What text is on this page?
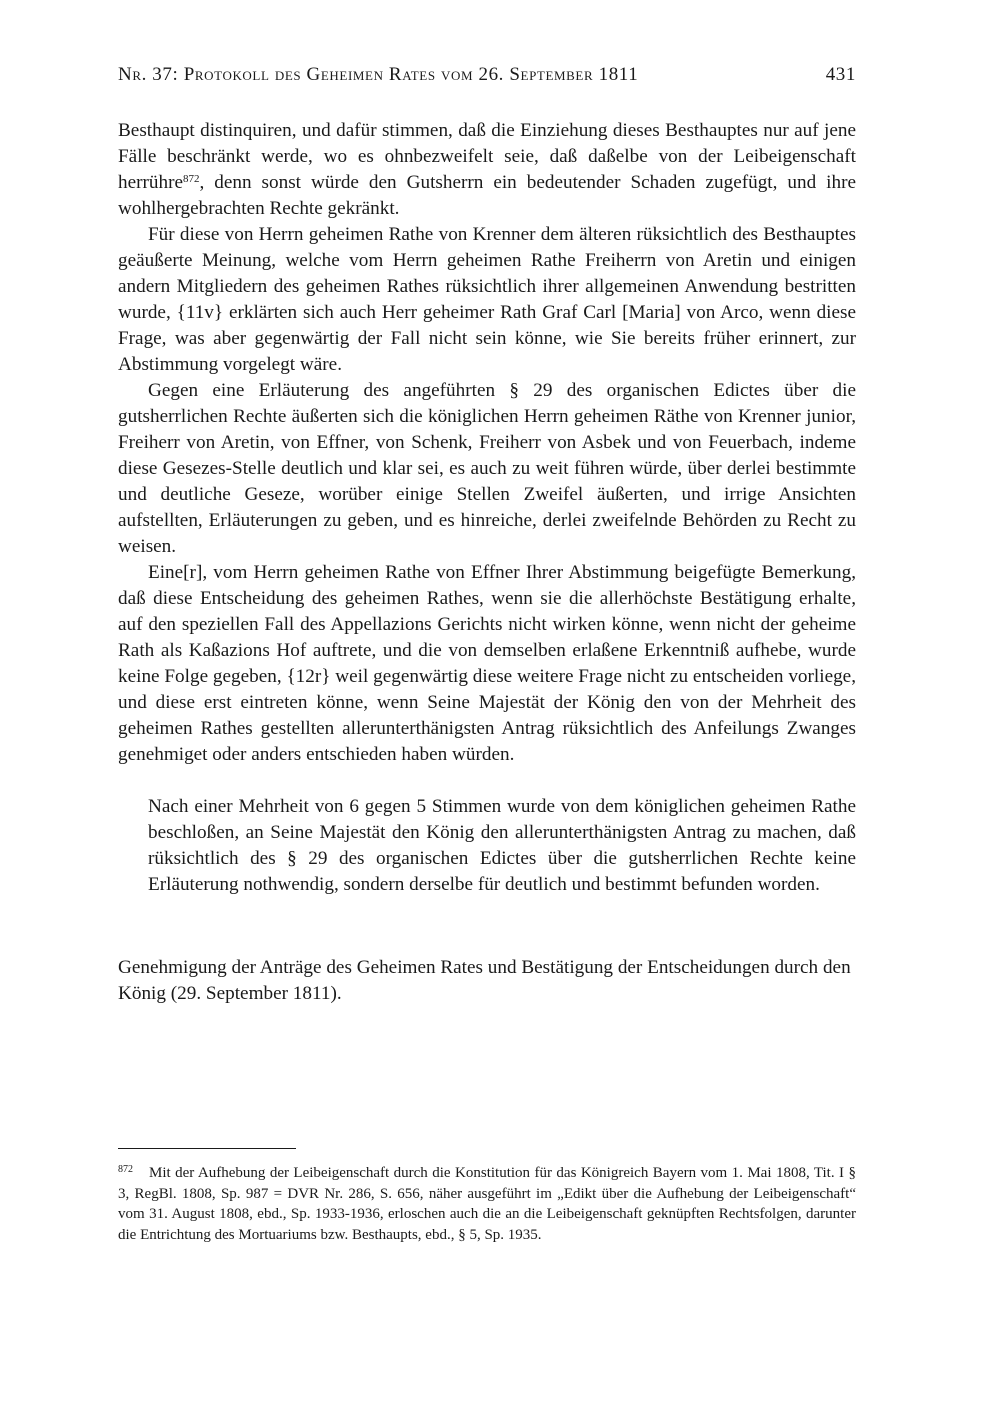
Nr. 37: Protokoll des Geheimen Rates vom 26. September 1811	431

Besthaupt distinquiren, und dafür stimmen, daß die Einziehung dieses Besthauptes nur auf jene Fälle beschränkt werde, wo es ohnbezweifelt seie, daß daßelbe von der Leibeigenschaft herrühre$^{872}$, denn sonst würde den Gutsherrn ein bedeutender Schaden zugefügt, und ihre wohlhergebrachten Rechte gekränkt.

Für diese von Herrn geheimen Rathe von Krenner dem älteren rüksichtlich des Besthauptes geäußerte Meinung, welche vom Herrn geheimen Rathe Freiherrn von Aretin und einigen andern Mitgliedern des geheimen Rathes rüksichtlich ihrer allgemeinen Anwendung bestritten wurde, {11v} erklärten sich auch Herr geheimer Rath Graf Carl [Maria] von Arco, wenn diese Frage, was aber gegenwärtig der Fall nicht sein könne, wie Sie bereits früher erinnert, zur Abstimmung vorgelegt wäre.

Gegen eine Erläuterung des angeführten § 29 des organischen Edictes über die gutsherrlichen Rechte äußerten sich die königlichen Herrn geheimen Räthe von Krenner junior, Freiherr von Aretin, von Effner, von Schenk, Freiherr von Asbek und von Feuerbach, indeme diese Gesezes-Stelle deutlich und klar sei, es auch zu weit führen würde, über derlei bestimmte und deutliche Geseze, worüber einige Stellen Zweifel äußerten, und irrige Ansichten aufstellten, Erläuterungen zu geben, und es hinreiche, derlei zweifelnde Behörden zu Recht zu weisen.

Eine[r], vom Herrn geheimen Rathe von Effner Ihrer Abstimmung beigefügte Bemerkung, daß diese Entscheidung des geheimen Rathes, wenn sie die allerhöchste Bestätigung erhalte, auf den speziellen Fall des Appellazions Gerichts nicht wirken könne, wenn nicht der geheime Rath als Kaßazions Hof auftrete, und die von demselben erlaßene Erkenntniß aufhebe, wurde keine Folge gegeben, {12r} weil gegenwärtig diese weitere Frage nicht zu entscheiden vorliege, und diese erst eintreten könne, wenn Seine Majestät der König den von der Mehrheit des geheimen Rathes gestellten allerunterthänigsten Antrag rüksichtlich des Anfeilungs Zwanges genehmiget oder anders entschieden haben würden.

Nach einer Mehrheit von 6 gegen 5 Stimmen wurde von dem königlichen geheimen Rathe beschloßen, an Seine Majestät den König den allerunterthänigsten Antrag zu machen, daß rüksichtlich des § 29 des organischen Edictes über die gutsherrlichen Rechte keine Erläuterung nothwendig, sondern derselbe für deutlich und bestimmt befunden worden.

Genehmigung der Anträge des Geheimen Rates und Bestätigung der Entscheidungen durch den König (29. September 1811).

$^{872}$ Mit der Aufhebung der Leibeigenschaft durch die Konstitution für das Königreich Bayern vom 1. Mai 1808, Tit. I § 3, RegBl. 1808, Sp. 987 = DVR Nr. 286, S. 656, näher ausgeführt im „Edikt über die Aufhebung der Leibeigenschaft“ vom 31. August 1808, ebd., Sp. 1933-1936, erloschen auch die an die Leibeigenschaft geknüpften Rechtsfolgen, darunter die Entrichtung des Mortuariums bzw. Besthaupts, ebd., § 5, Sp. 1935.
